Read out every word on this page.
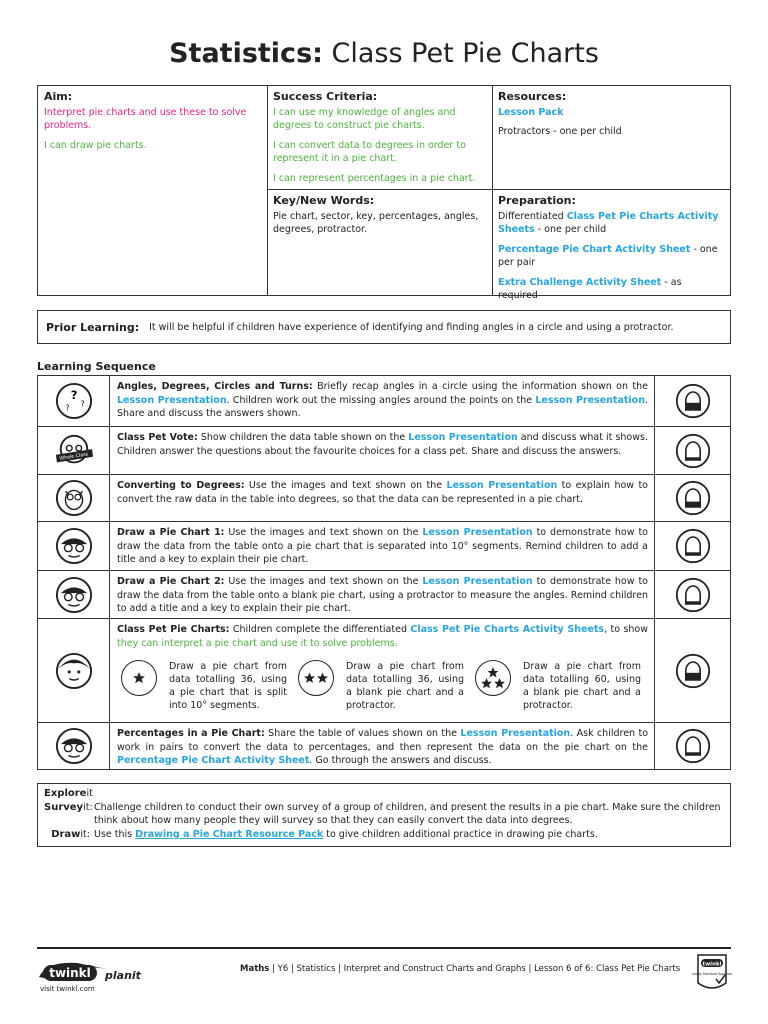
Statistics: Class Pet Pie Charts
Aim:

Interpret pie charts and use these to solve problems.

I can draw pie charts.

Success Criteria:

I can use my knowledge of angles and degrees to construct pie charts.

I can convert data to degrees in order to represent it in a pie chart.

I can represent percentages in a pie chart.

Resources:

Lesson Pack

Protractors - one per child

Key/New Words:

Pie chart, sector, key, percentages, angles, degrees, protractor.

Preparation:

Differentiated Class Pet Pie Charts Activity Sheets - one per child

Percentage Pie Chart Activity Sheet - one per pair

Extra Challenge Activity Sheet - as required

Prior Learning: It will be helpful if children have experience of identifying and finding angles in a circle and using a protractor.
Learning Sequence
?
? ?
Angles, Degrees, Circles and Turns: Briefly recap angles in a circle using the information shown on the Lesson Presentation. Children work out the missing angles around the points on the Lesson Presentation. Share and discuss the answers shown.
Whole Class
Class Pet Vote: Show children the data table shown on the Lesson Presentation and discuss what it shows. Children answer the questions about the favourite choices for a class pet. Share and discuss the answers.
Converting to Degrees: Use the images and text shown on the Lesson Presentation to explain how to convert the raw data in the table into degrees, so that the data can be represented in a pie chart.
Draw a Pie Chart 1: Use the images and text shown on the Lesson Presentation to demonstrate how to draw the data from the table onto a pie chart that is separated into 10° segments. Remind children to add a title and a key to explain their pie chart.
Draw a Pie Chart 2: Use the images and text shown on the Lesson Presentation to demonstrate how to draw the data from the table onto a blank pie chart, using a protractor to measure the angles. Remind children to add a title and a key to explain their pie chart.
Class Pet Pie Charts: Children complete the differentiated Class Pet Pie Charts Activity Sheets, to show they can interpret a pie chart and use it to solve problems.
Draw a pie chart from data totalling 36, using a pie chart that is split into 10° segments.
Draw a pie chart from data totalling 36, using a blank pie chart and a protractor.
Draw a pie chart from data totalling 60, using a blank pie chart and a protractor.
Percentages in a Pie Chart: Share the table of values shown on the Lesson Presentation. Ask children to work in pairs to convert the data to percentages, and then represent the data on the pie chart on the Percentage Pie Chart Activity Sheet. Go through the answers and discuss.
Exploreit
Surveyit: Challenge children to conduct their own survey of a group of children, and present the results in a pie chart. Make sure the children think about how many people they will survey so that they can easily convert the data into degrees.
Drawit: Use this Drawing a Pie Chart Resource Pack to give children additional practice in drawing pie charts.
twinkl planit
visit twinkl.com
Maths | Y6 | Statistics | Interpret and Construct Charts and Graphs | Lesson 6 of 6: Class Pet Pie Charts	twinkl
Quality Standard Approved
